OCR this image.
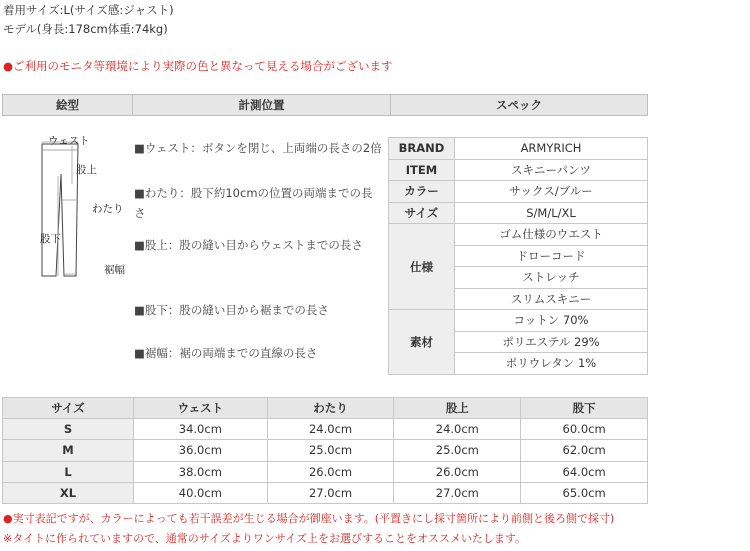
着用サイズ:L(サイズ感:ジャスト)
モデル(身長:178cm体重:74kg)
●ご利用のモニタ等環境により実際の色と異なって見える場合がございます
絵型	計測位置	スペック
ウェスト
股上
わたり
股下
裾幅
■ウェスト：ボタンを閉じ、上両端の長さの2倍
■わたり：股下約10cmの位置の両端までの長さ
■股上：股の縫い目からウェストまでの長さ
■股下：股の縫い目から裾までの長さ
■裾幅：裾の両端までの直線の長さ
BRAND	ARMYRICH
ITEM	スキニーパンツ
カラー	サックス/ブルー
サイズ	S/M/L/XL
仕様	ゴム仕様のウエスト
	ドローコード
	ストレッチ
	スリムスキニー
素材	コットン 70%
	ポリエステル 29%
	ポリウレタン 1%
サイズ	ウェスト	わたり	股上	股下
S	34.0cm	24.0cm	24.0cm	60.0cm
M	36.0cm	25.0cm	25.0cm	62.0cm
L	38.0cm	26.0cm	26.0cm	64.0cm
XL	40.0cm	27.0cm	27.0cm	65.0cm
●実寸表記ですが、カラーによっても若干誤差が生じる場合が御座います。(平置きにし採寸箇所により前側と後ろ側で採寸)
※タイトに作られていますので、通常のサイズよりワンサイズ上をお選びすることをオススメいたします。
